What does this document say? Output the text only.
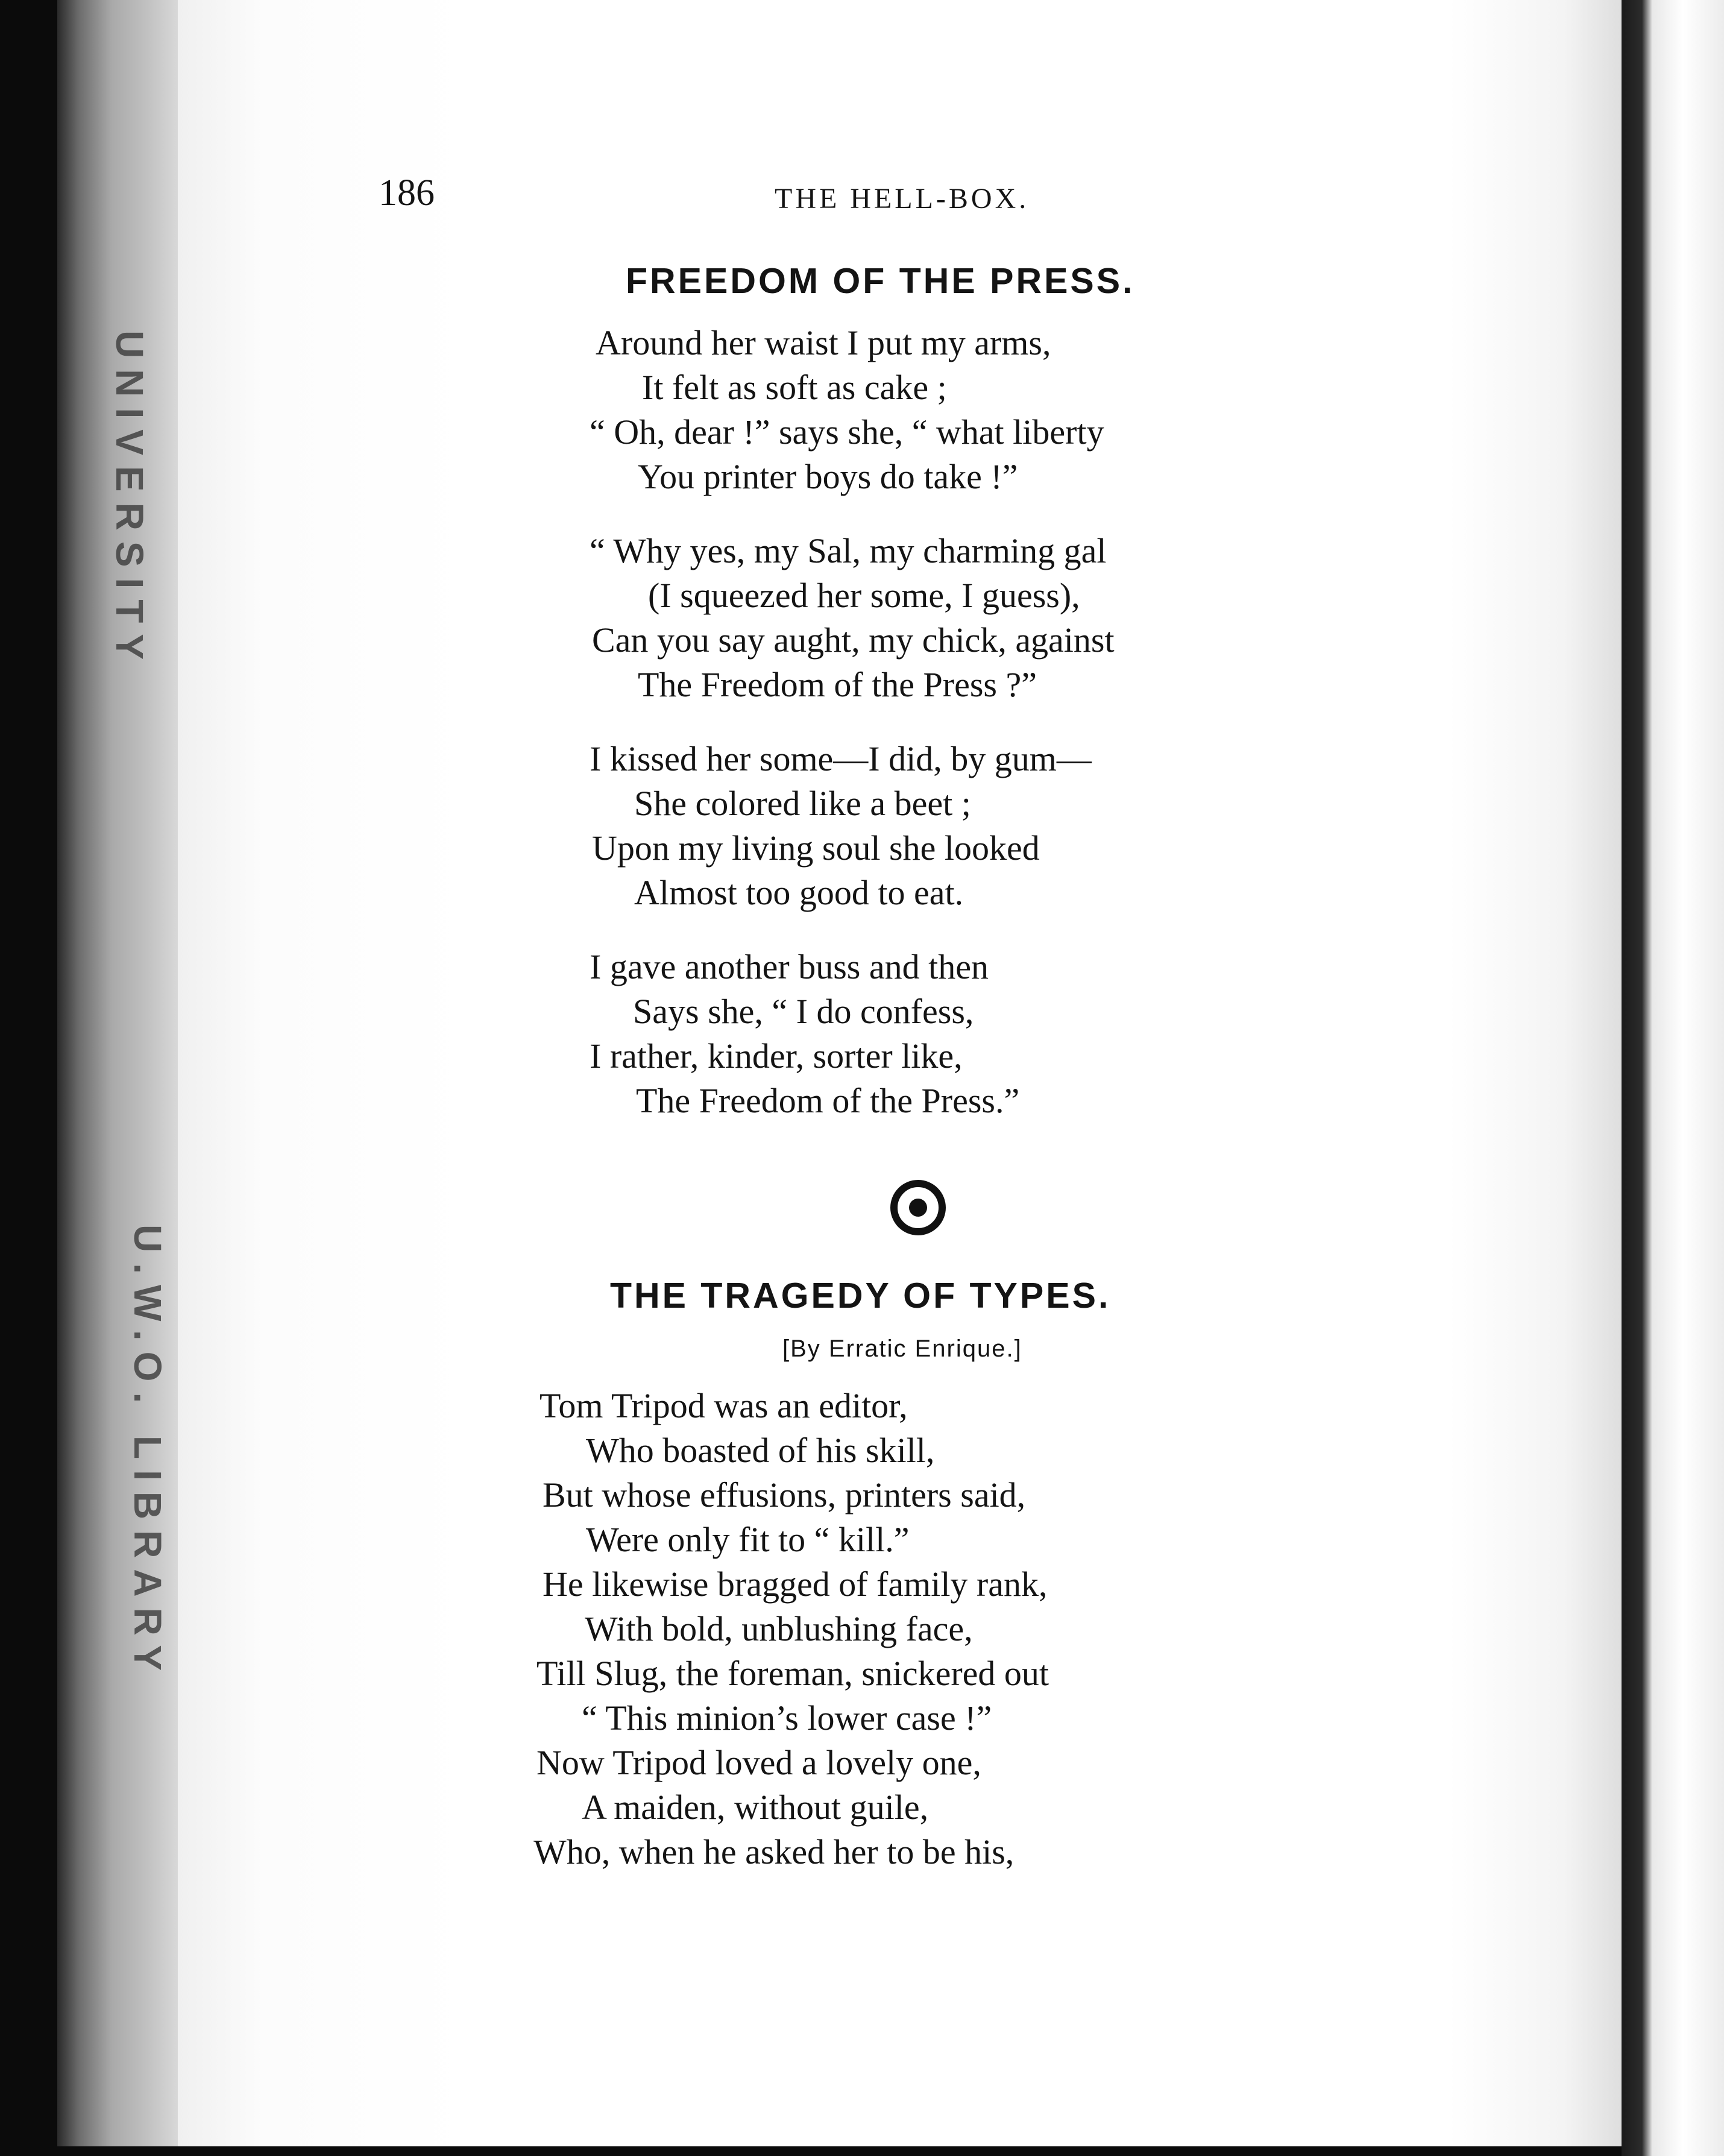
UNIVERSITY
U.W.O. LIBRARY
186	THE HELL-BOX.
FREEDOM OF THE PRESS.
Around her waist I put my arms,
It felt as soft as cake ;
“ Oh, dear !” says she, “ what liberty
You printer boys do take !”
“ Why yes, my Sal, my charming gal
(I squeezed her some, I guess),
Can you say aught, my chick, against
The Freedom of the Press ?”
I kissed her some—I did, by gum—
She colored like a beet ;
Upon my living soul she looked
Almost too good to eat.
I gave another buss and then
Says she, “ I do confess,
I rather, kinder, sorter like,
The Freedom of the Press.”
THE TRAGEDY OF TYPES.
[By Erratic Enrique.]
Tom Tripod was an editor,
Who boasted of his skill,
But whose effusions, printers said,
Were only fit to “ kill.”
He likewise bragged of family rank,
With bold, unblushing face,
Till Slug, the foreman, snickered out
“ This minion’s lower case !”
Now Tripod loved a lovely one,
A maiden, without guile,
Who, when he asked her to be his,
